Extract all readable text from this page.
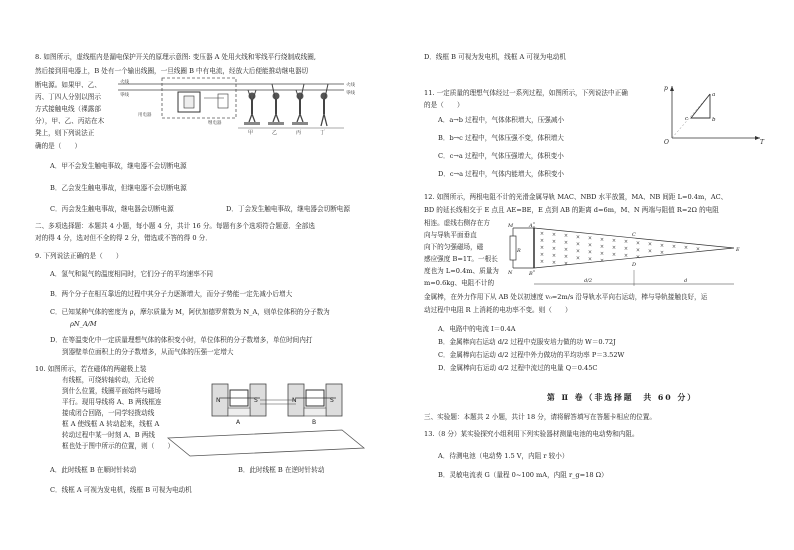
8. 如图所示，虚线框内是漏电保护开关的原理示意图: 变压器 A 处用火线和零线平行绕制成线圈,
然后接到用电器上，B 处有一个输出线圈，一旦线圈 B 中有电流，经放大后便能推动继电器切
断电源。如果甲、乙、
丙、丁四人分别以图示
方式接触电线（裸露部
分），甲、乙、丙站在木
凳上，则下列说法正
确的是（　　）
火线
零线
用电器
继电器
甲	乙	丙	丁
火线
零线
A．甲不会发生触电事故，继电器不会切断电源
B．乙会发生触电事故，但继电器不会切断电源
C．丙会发生触电事故，继电器会切断电源	D．丁会发生触电事故，继电器会切断电源
二、多项选择题：本题共 4 小题，每小题 4 分，共计 16 分。每题有多个选项符合题意．全部选
对的得 4 分，选对但不全的得 2 分，错选或不答的得 0 分．
9. 下列说法正确的是（　　）
A．氢气和氮气的温度相同时，它们分子的平均速率不同
B．两个分子在相互靠近的过程中其分子力逐渐增大，而分子势能一定先减小后增大
C．已知某种气体的密度为 ρ，摩尔质量为 M，阿伏加德罗常数为 N_A，则单位体积的分子数为
ρN_A/M
D．在等温变化中一定质量理想气体的体积变小时，单位体积的分子数增多，单位时间内打
到器壁单位面积上的分子数增多，从而气体的压强一定增大
10. 如图所示，若在磁体的两磁极上装
有线框，可绕转轴转动，无论转
到什么位置，线圈平面始终与磁场
平行。现用导线将 A、B 两线框连
接成闭合回路，一同学轻拨动线
框 A 使线框 A 转动起来，线框 A
转动过程中某一时刻 A、B 两线
框也处于图中所示的位置，则（　　）
N	S
A
N	S
B
A．此时线框 B 在顺时针转动	B．此时线框 B 在逆时针转动
C．线框 A 可视为发电机，线框 B 可视为电动机
D．线框 B 可视为发电机，线框 A 可视为电动机
11. 一定质量的理想气体经过一系列过程，如图所示，下列说法中正确
的是（　　）
A．a→b 过程中，气体体积增大，压强减小
B．b→c 过程中，气体压强不变，体积增大
C．c→a 过程中，气体压强增大，体积变小
D．c→a 过程中，气体内能增大，体积变小
p
T
O
a
b
c
12. 如图所示，两根电阻不计的光滑金属导轨 MAC、NBD 水平放置，MA、NB 间距 L=0.4m，AC、
BD 的延长线相交于 E 点且 AE=BE，E 点到 AB 的距离 d=6m，M、N 两端与阻值 R=2Ω 的电阻
相连。虚线右侧存在方
向与导轨平面垂直
向下的匀强磁场，磁
感应强度 B=1T。一根长
度也为 L=0.4m、质量为
m=0.6kg、电阻不计的
金属棒，在外力作用下从 AB 处以初速度 v₀=2m/s 沿导轨水平向右运动，棒与导轨接触良好，运
动过程中电阻 R 上消耗的电功率不变。则（　　）
R
M
N
A
B
C
D
E
d/2	d
×
×
×
×
×
×
×
×
×
×
×
×
×
×
×
×
×
×
×
×
×
×
×
×
×
×
×
×
×
×
×
×
×
×
×
×
×
×
×
×
× × ×
A．电路中的电流 I＝0.4A
B．金属棒向右运动 d/2 过程中克服安培力做的功 W＝0.72J
C．金属棒向右运动 d/2 过程中外力做功的平均功率 P＝3.52W
D．金属棒向右运动 d/2 过程中流过的电量 Q＝0.45C
第 Ⅱ 卷（非选择题　共 60 分）
三、实验题：本题共 2 小题，共计 18 分，请将解答填写在答题卡相应的位置。
13.（8 分）某实验探究小组利用下列实验器材测量电池的电动势和内阻。
A．待测电池（电动势 1.5 V，内阻 r 较小）
B．灵敏电流表 G（量程 0~100 mA，内阻 r_g=18 Ω）
